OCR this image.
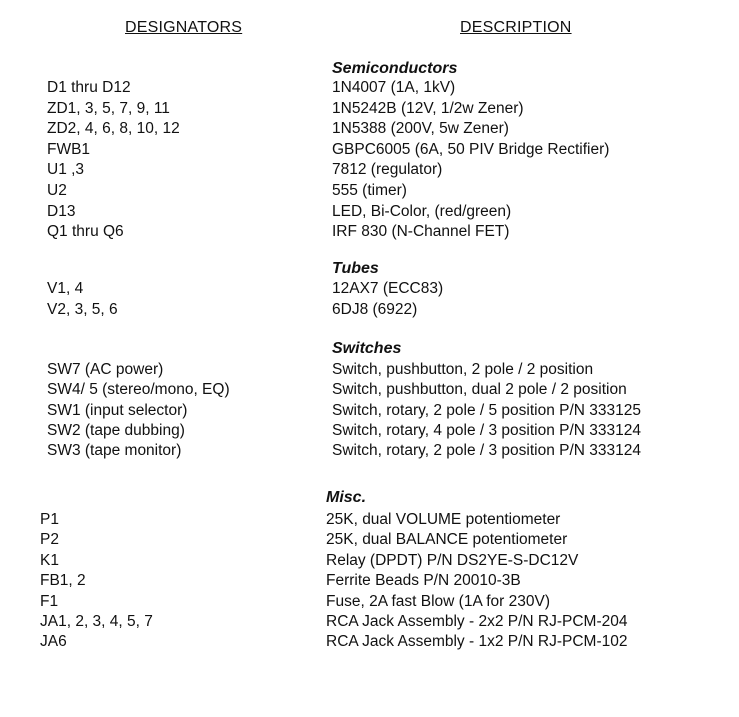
DESIGNATORS	DESCRIPTION
Semiconductors
D1 thru D12	1N4007 (1A, 1kV)
ZD1, 3, 5, 7, 9, 11	1N5242B (12V, 1/2w Zener)
ZD2, 4, 6, 8, 10, 12	1N5388 (200V, 5w Zener)
FWB1	GBPC6005 (6A, 50 PIV Bridge Rectifier)
U1 ,3	7812 (regulator)
U2	555 (timer)
D13	LED, Bi-Color, (red/green)
Q1 thru Q6	IRF 830 (N-Channel FET)
Tubes
V1, 4	12AX7 (ECC83)
V2, 3, 5, 6	6DJ8 (6922)
Switches
SW7 (AC power)	Switch, pushbutton, 2 pole / 2 position
SW4/ 5 (stereo/mono, EQ)	Switch, pushbutton, dual 2 pole / 2 position
SW1 (input selector)	Switch, rotary, 2 pole / 5 position P/N 333125
SW2 (tape dubbing)	Switch, rotary, 4 pole / 3 position P/N 333124
SW3 (tape monitor)	Switch, rotary, 2 pole / 3 position P/N 333124
Misc.
P1	25K, dual VOLUME potentiometer
P2	25K, dual BALANCE potentiometer
K1	Relay (DPDT) P/N DS2YE-S-DC12V
FB1, 2	Ferrite Beads P/N 20010-3B
F1	Fuse, 2A fast Blow (1A for 230V)
JA1, 2, 3, 4, 5, 7	RCA Jack Assembly - 2x2 P/N RJ-PCM-204
JA6	RCA Jack Assembly - 1x2 P/N RJ-PCM-102
